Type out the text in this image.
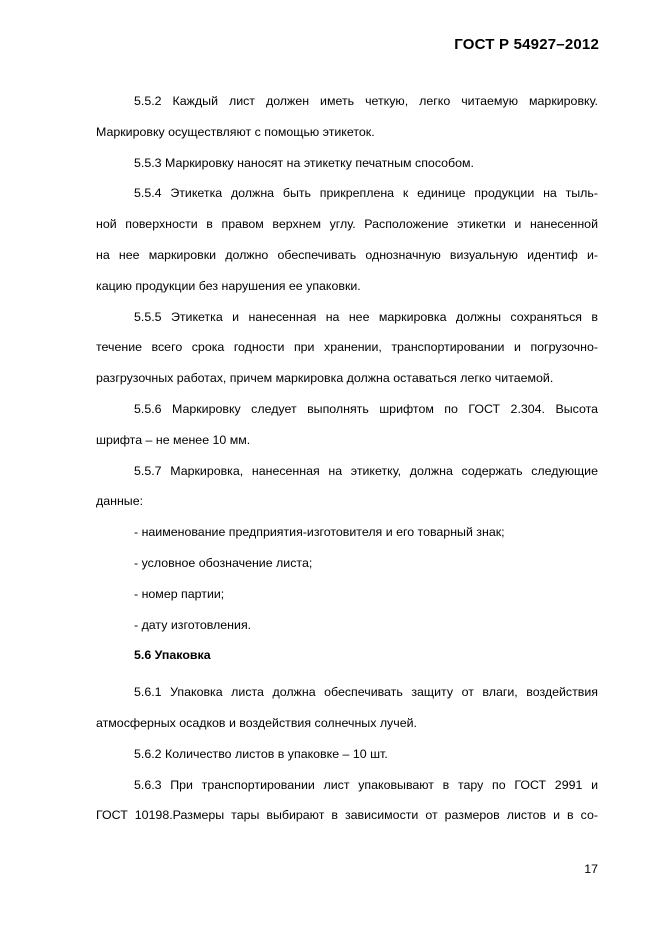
ГОСТ Р 54927–2012
5.5.2 Каждый лист должен иметь четкую, легко читаемую маркировку.
Маркировку осуществляют с помощью этикеток.
5.5.3 Маркировку наносят на этикетку печатным способом.
5.5.4 Этикетка должна быть прикреплена к единице продукции на тыль-
ной поверхности в правом верхнем углу. Расположение этикетки и нанесенной
на нее маркировки должно обеспечивать однозначную визуальную идентиф и-
кацию продукции без нарушения ее упаковки.
5.5.5 Этикетка и нанесенная на нее маркировка должны сохраняться в
течение всего срока годности при хранении, транспортировании и погрузочно-
разгрузочных работах, причем маркировка должна оставаться легко читаемой.
5.5.6 Маркировку следует выполнять шрифтом по ГОСТ 2.304. Высота
шрифта – не менее 10 мм.
5.5.7 Маркировка, нанесенная на этикетку, должна содержать следующие
данные:
- наименование предприятия-изготовителя и его товарный знак;
- условное обозначение листа;
- номер партии;
- дату изготовления.
5.6 Упаковка
5.6.1 Упаковка листа должна обеспечивать защиту от влаги, воздействия
атмосферных осадков и воздействия солнечных лучей.
5.6.2 Количество листов в упаковке – 10 шт.
5.6.3 При транспортировании лист упаковывают в тару по ГОСТ 2991 и
ГОСТ 10198.Размеры тары выбирают в зависимости от размеров листов и в со-
17
